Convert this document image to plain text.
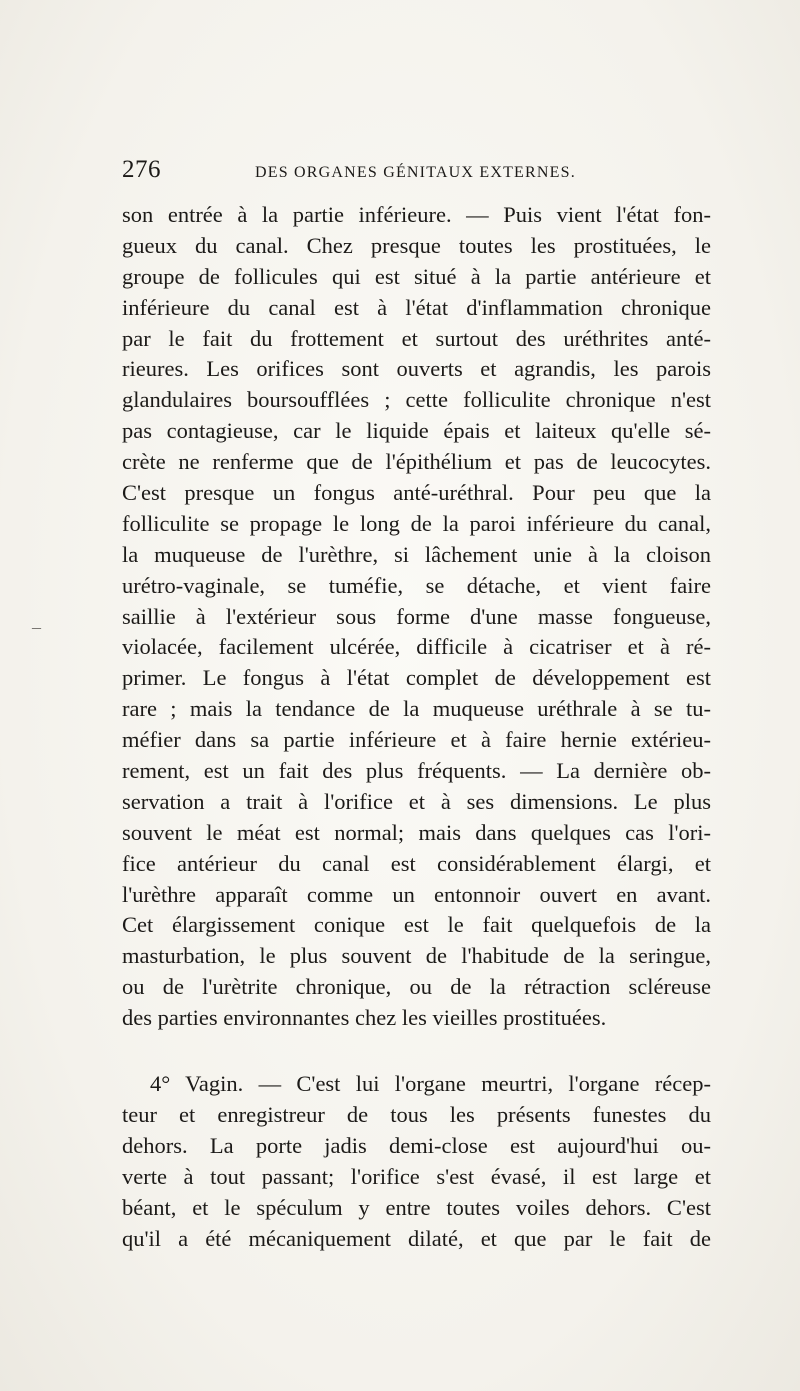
–
276	DES ORGANES GÉNITAUX EXTERNES.
son entrée à la partie inférieure. — Puis vient l'état fon-
gueux du canal. Chez presque toutes les prostituées, le
groupe de follicules qui est situé à la partie antérieure et
inférieure du canal est à l'état d'inflammation chronique
par le fait du frottement et surtout des uréthrites anté-
rieures. Les orifices sont ouverts et agrandis, les parois
glandulaires boursoufflées ; cette folliculite chronique n'est
pas contagieuse, car le liquide épais et laiteux qu'elle sé-
crète ne renferme que de l'épithélium et pas de leucocytes.
C'est presque un fongus anté-uréthral. Pour peu que la
folliculite se propage le long de la paroi inférieure du canal,
la muqueuse de l'urèthre, si lâchement unie à la cloison
urétro-vaginale, se tuméfie, se détache, et vient faire
saillie à l'extérieur sous forme d'une masse fongueuse,
violacée, facilement ulcérée, difficile à cicatriser et à ré-
primer. Le fongus à l'état complet de développement est
rare ; mais la tendance de la muqueuse uréthrale à se tu-
méfier dans sa partie inférieure et à faire hernie extérieu-
rement, est un fait des plus fréquents. — La dernière ob-
servation a trait à l'orifice et à ses dimensions. Le plus
souvent le méat est normal; mais dans quelques cas l'ori-
fice antérieur du canal est considérablement élargi, et
l'urèthre apparaît comme un entonnoir ouvert en avant.
Cet élargissement conique est le fait quelquefois de la
masturbation, le plus souvent de l'habitude de la seringue,
ou de l'urètrite chronique, ou de la rétraction scléreuse
des parties environnantes chez les vieilles prostituées.
4° Vagin. — C'est lui l'organe meurtri, l'organe récep-
teur et enregistreur de tous les présents funestes du
dehors. La porte jadis demi-close est aujourd'hui ou-
verte à tout passant; l'orifice s'est évasé, il est large et
béant, et le spéculum y entre toutes voiles dehors. C'est
qu'il a été mécaniquement dilaté, et que par le fait de
